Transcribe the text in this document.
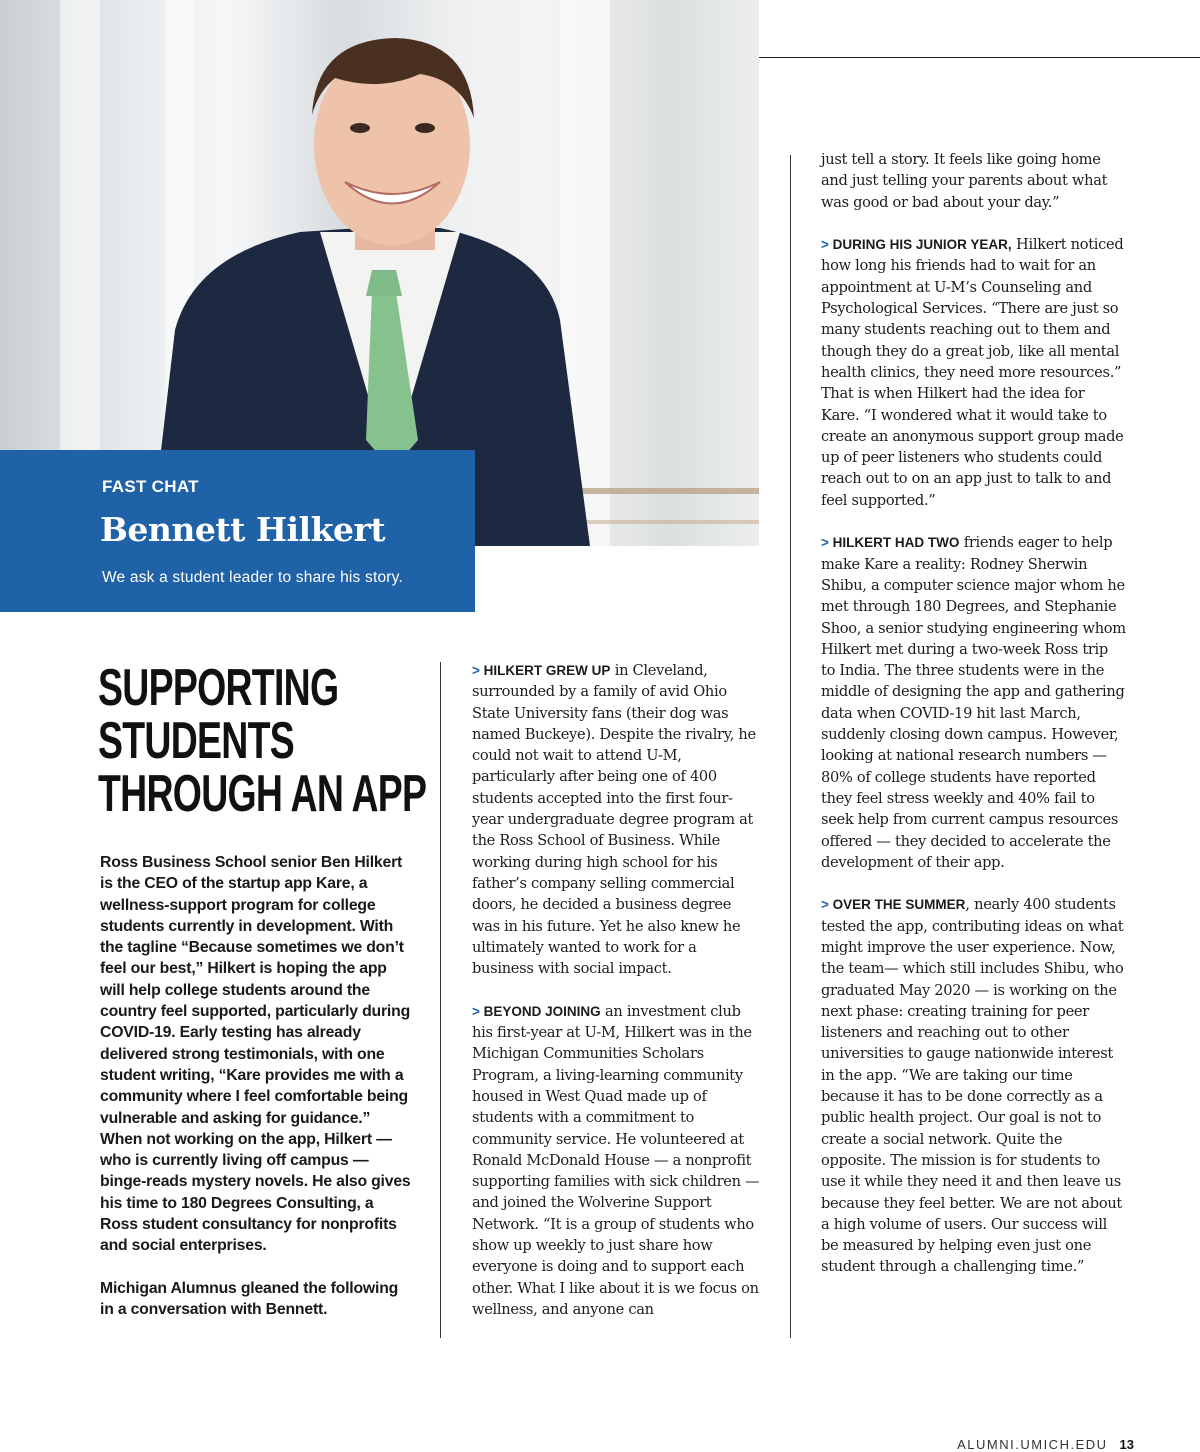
FAST CHAT
Bennett Hilkert
We ask a student leader to share his story.
SUPPORTING
STUDENTS
THROUGH AN APP

Ross Business School senior Ben Hilkert is the CEO of the startup app Kare, a wellness-support program for college students currently in development. With the tagline “Because sometimes we don’t feel our best,” Hilkert is hoping the app will help college students around the country feel supported, particularly during COVID-19. Early testing has already delivered strong testimonials, with one student writing, “Kare provides me with a community where I feel comfortable being vulnerable and asking for guidance.” When not working on the app, Hilkert — who is currently living off campus — binge-reads mystery novels. He also gives his time to 180 Degrees Consulting, a Ross student consultancy for nonprofits and social enterprises.

Michigan Alumnus gleaned the following in a conversation with Bennett.

> HILKERT GREW UP in Cleveland, surrounded by a family of avid Ohio State University fans (their dog was named Buckeye). Despite the rivalry, he could not wait to attend U-M, particularly after being one of 400 students accepted into the first four-year undergraduate degree program at the Ross School of Business. While working during high school for his father’s company selling commercial doors, he decided a business degree was in his future. Yet he also knew he ultimately wanted to work for a business with social impact.

> BEYOND JOINING an investment club his first-year at U-M, Hilkert was in the Michigan Communities Scholars Program, a living-learning community housed in West Quad made up of students with a commitment to community service. He volunteered at Ronald McDonald House — a nonprofit supporting families with sick children — and joined the Wolverine Support Network. “It is a group of students who show up weekly to just share how everyone is doing and to support each other. What I like about it is we focus on wellness, and anyone can

just tell a story. It feels like going home and just telling your parents about what was good or bad about your day.”

> DURING HIS JUNIOR YEAR, Hilkert noticed how long his friends had to wait for an appointment at U-M’s Counseling and Psychological Services. “There are just so many students reaching out to them and though they do a great job, like all mental health clinics, they need more resources.” That is when Hilkert had the idea for Kare. “I wondered what it would take to create an anonymous support group made up of peer listeners who students could reach out to on an app just to talk to and feel supported.”

> HILKERT HAD TWO friends eager to help make Kare a reality: Rodney Sherwin Shibu, a computer science major whom he met through 180 Degrees, and Stephanie Shoo, a senior studying engineering whom Hilkert met during a two-week Ross trip to India. The three students were in the middle of designing the app and gathering data when COVID-19 hit last March, suddenly closing down campus. However, looking at national research numbers — 80% of college students have reported they feel stress weekly and 40% fail to seek help from current campus resources offered — they decided to accelerate the development of their app.

> OVER THE SUMMER, nearly 400 students tested the app, contributing ideas on what might improve the user experience. Now, the team— which still includes Shibu, who graduated May 2020 — is working on the next phase: creating training for peer listeners and reaching out to other universities to gauge nationwide interest in the app. “We are taking our time because it has to be done correctly as a public health project. Our goal is not to create a social network. Quite the opposite. The mission is for students to use it while they need it and then leave us because they feel better. We are not about a high volume of users. Our success will be measured by helping even just one student through a challenging time.”

ALUMNI.UMICH.EDU 13
